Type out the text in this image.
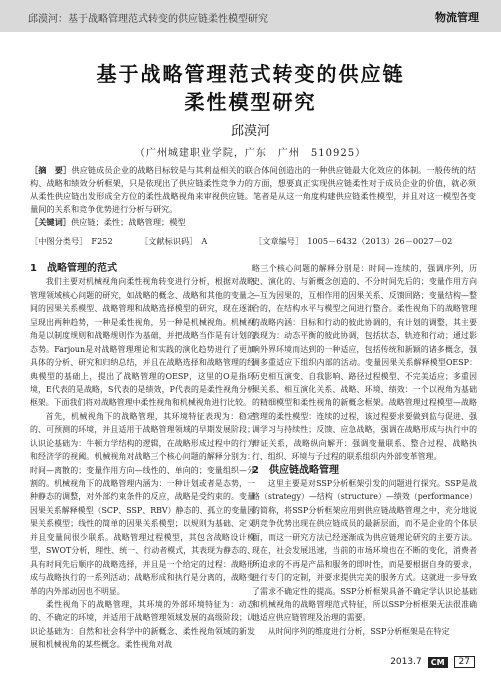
邱漠河：基于战略管理范式转变的供应链柔性模型研究	物流管理
基于战略管理范式转变的供应链
柔性模型研究
邱漠河
（广州城建职业学院，广东　广州　510925）
［摘　要］供应链成员企业的战略目标较是与其利益相关的联合体间创造出的一种供应链最大化效应的体制。一般传统的结构、战略和绩效分析框架，只是依现出了供应链柔性竞争力的方面，想要真正实现供应链柔性对于成员企业的价值，就必须从柔性供应链出发形成全方位的柔性战略视角来审视供应链。笔者是从这一角度构建供应链柔性模型，并且对这一模型各变量间的关系和竞争优势进行分析与研究。
［关键词］供应链；柔性；战略管理；模型
［中图分类号］　F252	［文献标识码］　A	［文章编号］　1005－6432（2013）26－0027－02

1　战略管理的范式

我们主要对机械视角向柔性视角转变进行分析，根据对战略管理领域核心问题的研究，如战略的概念、战略和其他的变量之间的因果关系模型、战略管理和战略选择模型的研究，现在逐渐呈现出两种趋势，一种是柔性视角，另一种是机械视角。机械视角是以制度规则和战略规则作为基础，并把战略当作是有计划的态势。Farjoun是对战略管理理论和实践的演化趋势进行了更加具体的分析、研究和归纳总结，并且在战略选择和战略管理的经典模型的基础上，提出了战略管理的OESP，这里的O是指环境，E代表的是战略，S代表的是绩效，P代表的是柔性视角分析框架。下面我们将对战略管理中柔性视角和机械视角进行比较。

首先，机械视角下的战略管理，其环境特征表现为：稳定的、可预测的环境，并且适用于战略管理领域的早期发展阶段；认识论基础为：牛顿力学结构的逻辑，在战略形成过程中的行为和经济学的视阈。机械视角对战略三个核心问题的解释分别为：时间—离散的；变量作用方向—线性的、单向的；变量组织—分割的。机械视角下的战略管理内涵为：一种计划或者是态势，一种静态的调整，对外部约束条件的反应，战略是受约束的。变量因果关系解释模型（SCP、SSP、RBV）静态的、孤立的变量因果关系模型；线性的简单的因果关系模型；以规则为基础、定义并且变量间很少联系。战略管理过程模型，其包含战略设计模型，SWOT分析，理性、统一、行动者模式，其表现为静态的、具有时间先后顺序的战略选择，并且是一个给定的过程：战略形成与战略执行的一系列活动；战略形成和执行是分离的，战略变革的内外部动因也不明显。

柔性视角下的战略管理，其环境的外部环境特征为：动态的、不确定的环境，并适用于战略管理领域发展的高级阶段；认识论基础为：自然和社会科学中的新概念、柔性视角领域的新发展和机械视角的某些概念。柔性视角对战

略三个核心问题的解释分别是：时间—连续的，强调序列，历史、演化的、与新概念创造的、不分时间先后的；变量作用方向—互为因果的，互相作用的因果关系、反馈回路；变量结构—整合的，在结构水平与模型之间进行整合。柔性视角下的战略管理的战略内涵：目标和行动的彼此协调的，有计划的调整，其主要表现为：动态平衡的彼此协调，包括状态、轨迹和行动；通过影响外界环境而达到的一种适应，包括传统和新颖的诸多概念，强调多重适应下组织内部的活动。变量因果关系解释模型OESP：历史相互演变、自我影响、路径过程模型、不完美适应；多重因果关系、相互演化关系、战略、环境、绩效：一个以视角为基础的精细模型和柔性视角的新概念框架。战略管理过程模型—战略管理的柔性模型：连续的过程，该过程要求要做到监与促进、强调学习与持续性；反馈、应急战略，强调在战略形成与执行中的辩证关系，战略纵向解开：强调变量联系、整合过程、战略执行、组织、环境与子过程的联系组织内外部变革管理。

2　供应链战略管理

这里主要是对SSP分析框架引发的问题进行探究。SSP是战略（strategy）—结构（structure）—绩效（performance）的简称，将SSP分析框架应用到供应链战略管理之中，充分地说明竞争优势出现在供应链成员的最新层面，而不是企业的个体层面，而这一研究方法已经逐渐成为供应链理论研究的主要方法。现在，社会发展迅速，当前的市场环境也在不断的变化，消费者所追求的不再是产品和服务的即时性，而是要根据自身的要求，进行专门的定制，并要求提供完美的服务方式。这就进一步导致了需求不确定性的提高。SSP分析框架具备不确定学认识论基础和机械视角的战略管理范式特征，所以SSP分析框架无法很准确地适应供应链管理及治理的需要。

从时间序列的维度进行分析，SSP分析框架是在特定

2013.7	CM	27
